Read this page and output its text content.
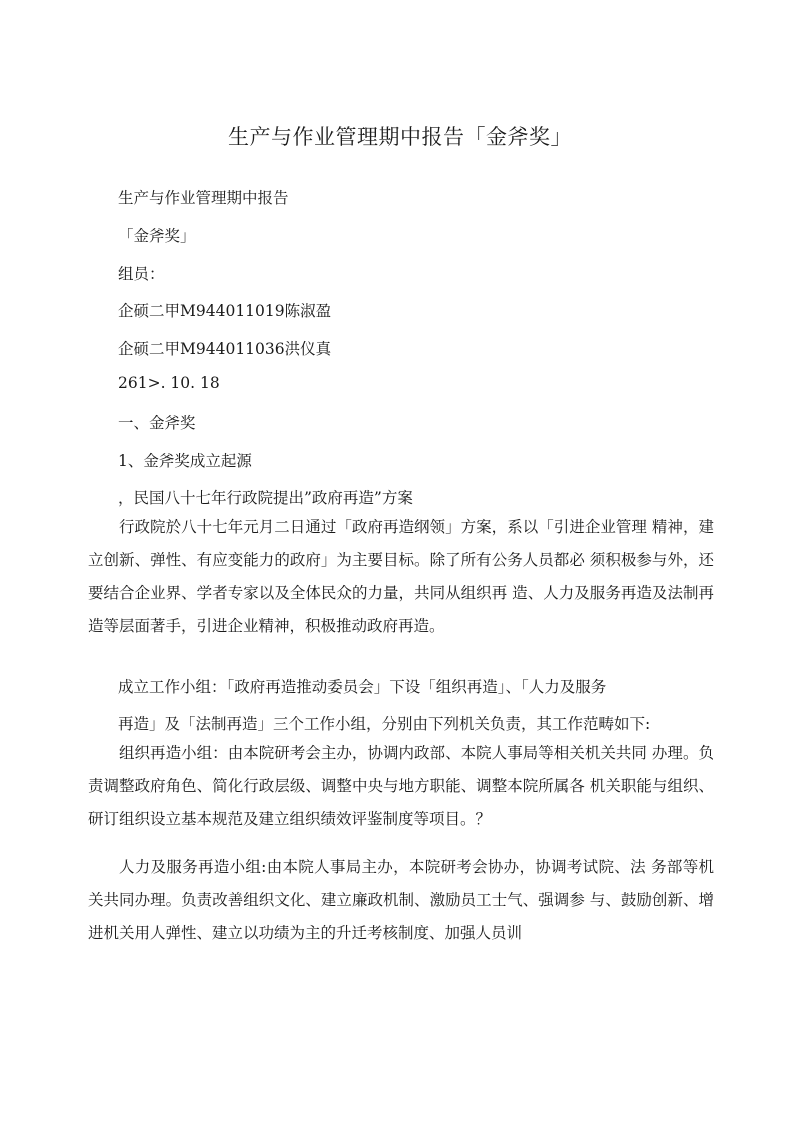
生产与作业管理期中报告「金斧奖」
生产与作业管理期中报告
「金斧奖」
组员：
企硕二甲M944011019陈淑盈
企硕二甲M944011036洪仪真
261>. 10. 18
一、金斧奖
1、金斧奖成立起源
，民国八十七年行政院提出”政府再造”方案

行政院於八十七年元月二日通过「政府再造纲领」方案，系以「引进企业管理 精神，建立创新、弹性、有应变能力的政府」为主要目标。除了所有公务人员都必 须积极参与外，还要结合企业界、学者专家以及全体民众的力量，共同从组织再 造、人力及服务再造及法制再造等层面著手，引进企业精神，积极推动政府再造。

成立工作小组：「政府再造推动委员会」下设「组织再造」、「人力及服务
再造」及「法制再造」三个工作小组，分别由下列机关负责，其工作范畴如下:

组织再造小组：由本院研考会主办，协调内政部、本院人事局等相关机关共同 办理。负责调整政府角色、简化行政层级、调整中央与地方职能、调整本院所属各 机关职能与组织、研订组织设立基本规范及建立组织绩效评鉴制度等项目。？

人力及服务再造小组:由本院人事局主办，本院研考会协办，协调考试院、法 务部等机关共同办理。负责改善组织文化、建立廉政机制、激励员工士气、强调参 与、鼓励创新、增进机关用人弹性、建立以功绩为主的升迁考核制度、加强人员训
